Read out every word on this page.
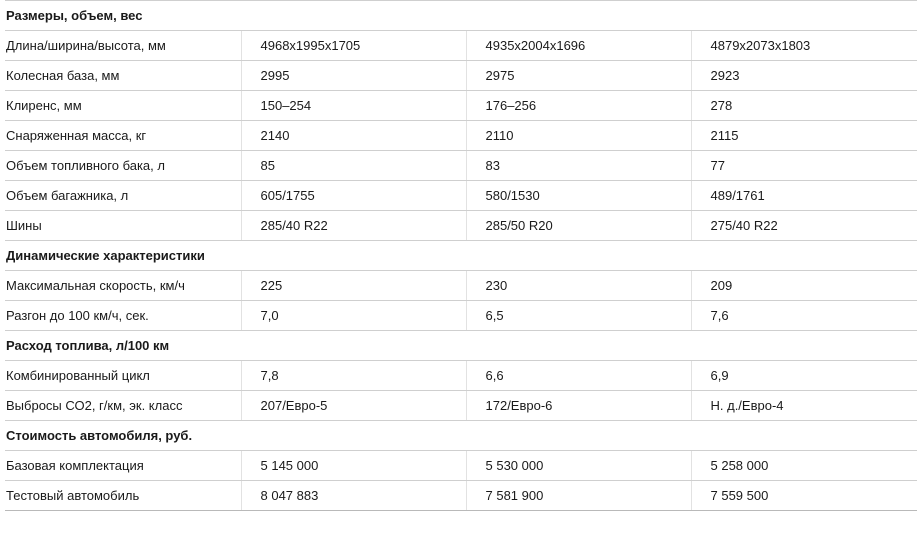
Размеры, объем, вес			
Длина/ширина/высота, мм	4968x1995x1705	4935x2004x1696	4879x2073x1803
Колесная база, мм	2995	2975	2923
Клиренс, мм	150–254	176–256	278
Снаряженная масса, кг	2140	2110	2115
Объем топливного бака, л	85	83	77
Объем багажника, л	605/1755	580/1530	489/1761
Шины	285/40 R22	285/50 R20	275/40 R22
Динамические характеристики			
Максимальная скорость, км/ч	225	230	209
Разгон до 100 км/ч, сек.	7,0	6,5	7,6
Расход топлива, л/100 км			
Комбинированный цикл	7,8	6,6	6,9
Выбросы СО2, г/км, эк. класс	207/Евро-5	172/Евро-6	Н. д./Евро-4
Стоимость автомобиля, руб.			
Базовая комплектация	5 145 000	5 530 000	5 258 000
Тестовый автомобиль	8 047 883	7 581 900	7 559 500
